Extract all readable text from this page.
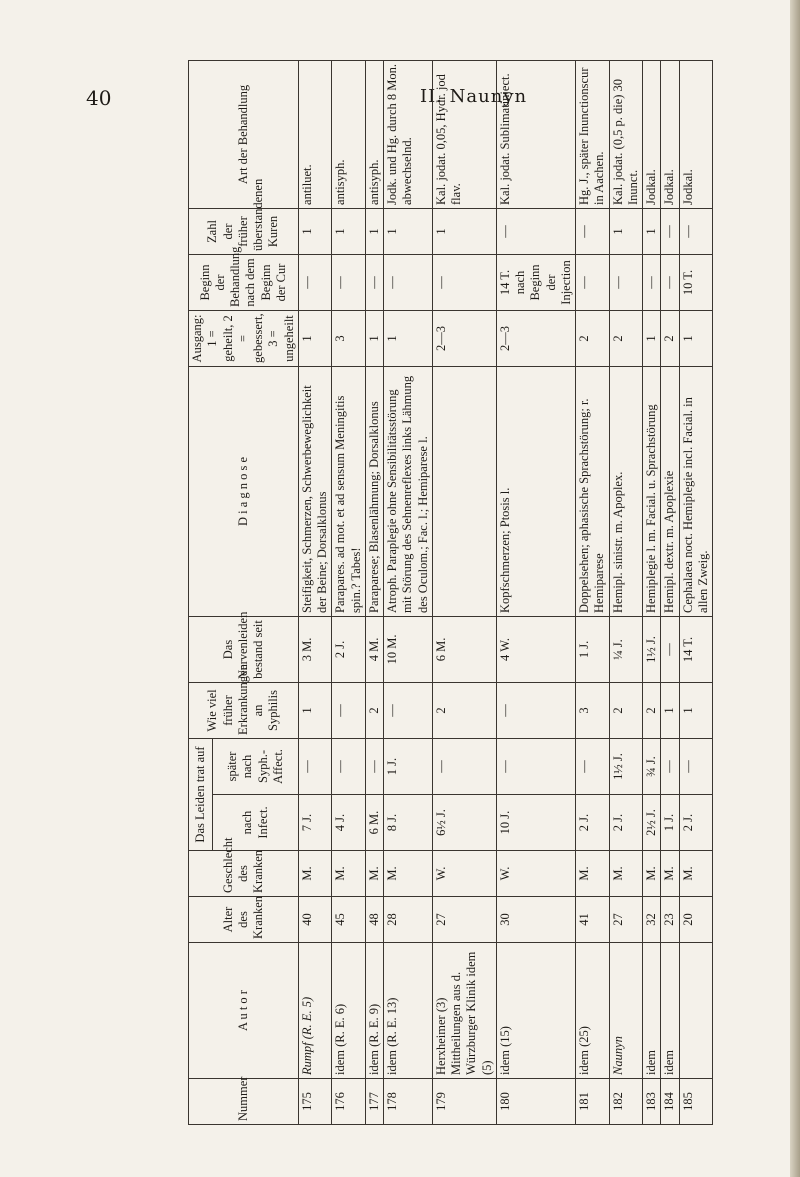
40	II. Naunyn
Nummer	A u t o r	Alter des Kranken	Geschlecht des Kranken	Das Leiden trat auf		Wie viel früher Erkrankungen an Syphilis	Das Nervenleiden bestand seit	D i a g n o s e	Ausgang: 1 = geheilt, 2 = gebessert, 3 = ungeheilt	Beginn der Behandlung nach dem Beginn der Cur	Zahl der früher überstandenen Kuren	Art der Behandlung
				nach Infect.	später nach Syph.-Affect.							
175	Rumpf (R. E. 5)	40	M.	7 J.	—	1	3 M.	Steifigkeit, Schmerzen, Schwerbeweglichkeit der Beine; Dorsalklonus	1	—	1	antiluet.
176	idem (R. E. 6)	45	M.	4 J.	—	—	2 J.	Parapares. ad mot. et ad sensum Meningitis spin.? Tabes!	3	—	1	antisyph.
177	idem (R. E. 9)	48	M.	6 M.	—	2	4 M.	Paraparese; Blasenlähmung; Dorsalklonus	1	—	1	antisyph.
178	idem (R. E. 13)	28	M.	8 J.	1 J.	—	10 M.	Atroph. Paraplegie ohne Sensibilitätsstörung mit Störung des Sehnenreflexes links Lähmung des Oculom.; Fac. l.; Hemiparese l.	1	—	1	Jodk. und Hg. durch 8 Mon. abwechselnd.
179	Herxheimer (3) Mittheilungen aus d. Würzburger Klinik idem (5)	27	W.	6½ J.	—	2	6 M.		2—3	—	1	Kal. jodat. 0,05, Hydr. jod flav.
180	idem (15)	30	W.	10 J.	—	—	4 W.	Kopfschmerzen; Ptosis l.	2—3	14 T. nach Beginn der Injection	—	Kal. jodat. Sublimatinject.
181	idem (25)	41	M.	2 J.	—	3	1 J.	Doppelsehen; aphasische Sprachstörung; r. Hemiparese	2	—	—	Hg. J., später Inunctionscur in Aachen.
182	Naunyn	27	M.	2 J.	1½ J.	2	¼ J.	Hemipl. sinistr. m. Apoplex.	2	—	1	Kal. jodat. (0,5 p. die) 30 Inunct.
183	idem	32	M.	2½ J.	¾ J.	2	1½ J.	Hemiplegie l. m. Facial. u. Sprachstörung	1	—	1	Jodkal.
184	idem	23	M.	1 J.	—	1	—	Hemipl. dextr. m. Apoplexie	2	—	—	Jodkal.
185		20	M.	2 J.	—	1	14 T.	Cephalaea noct. Hemiplegie incl. Facial. in allen Zweig.	1	10 T.	—	Jodkal.
